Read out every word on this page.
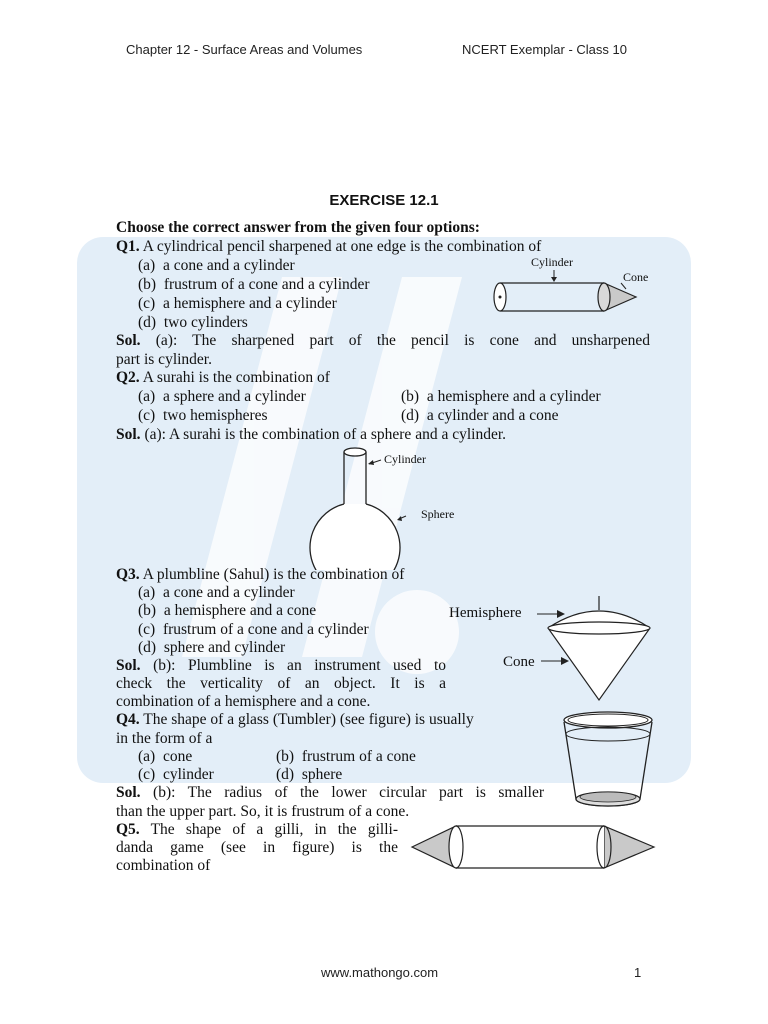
Chapter 12 - Surface Areas and Volumes	NCERT Exemplar - Class 10
EXERCISE 12.1
Choose the correct answer from the given four options:
Q1. A cylindrical pencil sharpened at one edge is the combination of
(a) a cone and a cylinder
(b) frustrum of a cone and a cylinder
(c) a hemisphere and a cylinder
(d) two cylinders
Sol. (a): The sharpened part of the pencil is cone and unsharpened
part is cylinder.
Cylinder
Cone
Q2. A surahi is the combination of
(a) a sphere and a cylinder	(b) a hemisphere and a cylinder
(c) two hemispheres	(d) a cylinder and a cone
Sol. (a): A surahi is the combination of a sphere and a cylinder.
Cylinder
Sphere
Q3. A plumbline (Sahul) is the combination of
(a) a cone and a cylinder
(b) a hemisphere and a cone
(c) frustrum of a cone and a cylinder
(d) sphere and cylinder
Sol. (b): Plumbline is an instrument used to
check the verticality of an object. It is a
combination of a hemisphere and a cone.
Hemisphere
Cone
Q4. The shape of a glass (Tumbler) (see figure) is usually
in the form of a
(a) cone	(b) frustrum of a cone
(c) cylinder	(d) sphere
Sol. (b): The radius of the lower circular part is smaller
than the upper part. So, it is frustrum of a cone.
Q5. The shape of a gilli, in the gilli-
danda game (see in figure) is the
combination of
www.mathongo.com	1
